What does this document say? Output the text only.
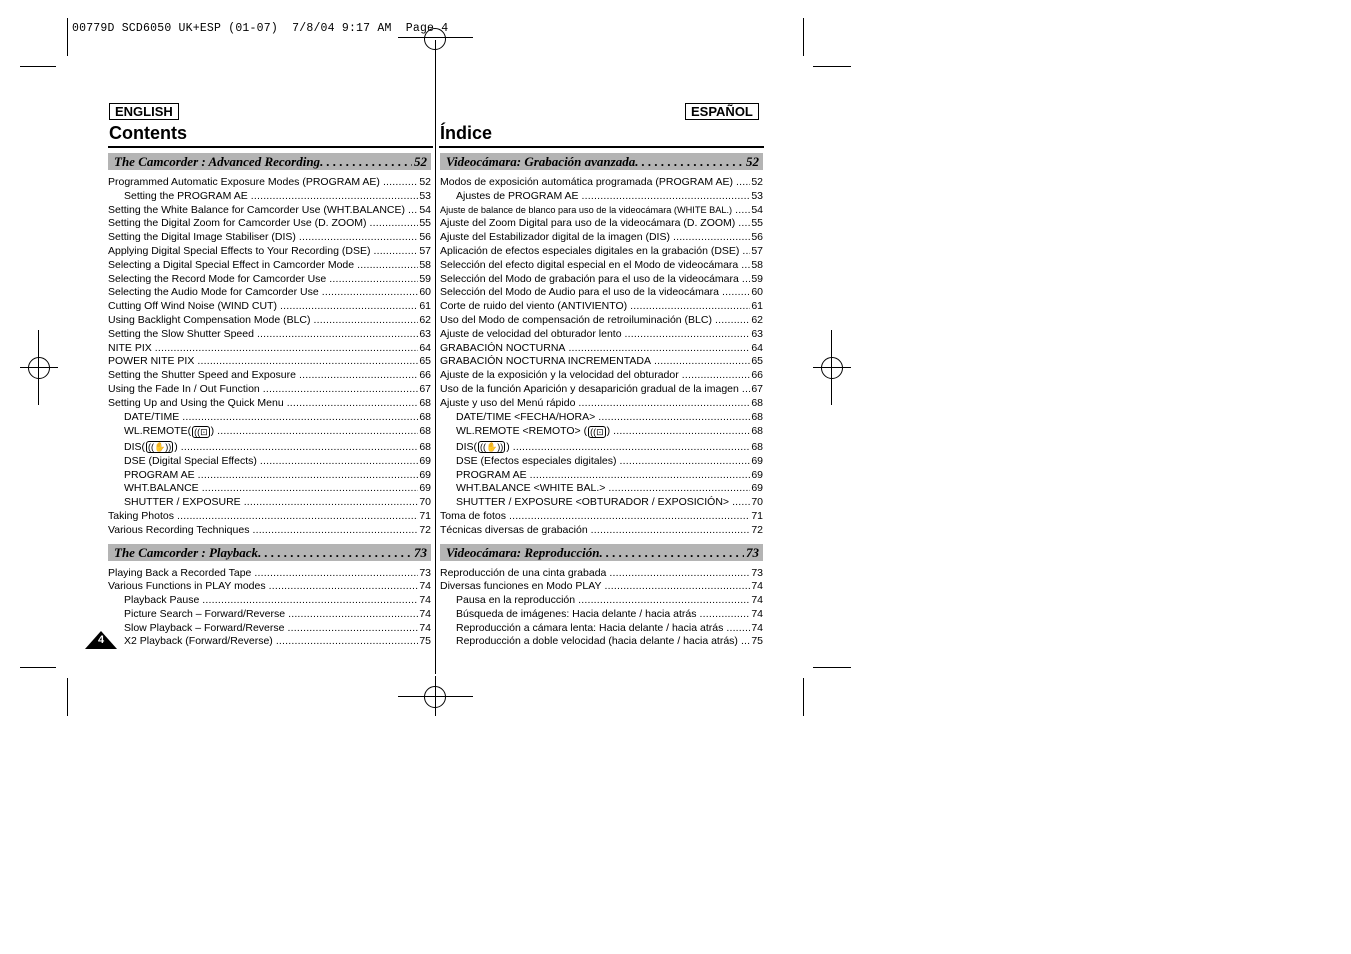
00779D SCD6050 UK+ESP (01-07)  7/8/04 9:17 AM  Page 4
ENGLISH	ESPAÑOL
Contents	Índice
The Camcorder : Advanced Recording . . .	52
Programmed Automatic Exposure Modes (PROGRAM AE) .....	52
Setting the PROGRAM AE .....	53
Setting the White Balance for Camcorder Use (WHT.BALANCE) ..... 54
Setting the Digital Zoom for Camcorder Use (D. ZOOM) .....	55
Setting the Digital Image Stabiliser (DIS) .....	56
Applying Digital Special Effects to Your Recording (DSE) .....	57
Selecting a Digital Special Effect in Camcorder Mode .....	58
Selecting the Record Mode for Camcorder Use .....	59
Selecting the Audio Mode for Camcorder Use .....	60
Cutting Off Wind Noise (WIND CUT) .....	61
Using Backlight Compensation Mode (BLC) .....	62
Setting the Slow Shutter Speed .....	63
NITE PIX .....	64
POWER NITE PIX .....	65
Setting the Shutter Speed and Exposure .....	66
Using the Fade In / Out Function .....	67
Setting Up and Using the Quick Menu .....	68
DATE/TIME .....	68
WL.REMOTE( ((⊡ ) .....	68
DIS( ((✋)) ) .....	68
DSE (Digital Special Effects) .....	69
PROGRAM AE .....	69
WHT.BALANCE .....	69
SHUTTER / EXPOSURE .....	70
Taking Photos .....	71
Various Recording Techniques .....	72
The Camcorder : Playback . . .	73
Playing Back a Recorded Tape .....	73
Various Functions in PLAY modes .....	74
Playback Pause .....	74
Picture Search – Forward/Reverse .....	74
Slow Playback – Forward/Reverse .....	74
X2 Playback (Forward/Reverse) .....	75
Videocámara: Grabación avanzada . . .	52
Modos de exposición automática programada (PROGRAM AE) ..... 52
Ajustes de PROGRAM AE .....	53
Ajuste de balance de blanco para uso de la videocámara (WHITE BAL.) ..... 54
Ajuste del Zoom Digital para uso de la videocámara (D. ZOOM) ..... 55
Ajuste del Estabilizador digital de la imagen (DIS) .....	56
Aplicación de efectos especiales digitales en la grabación (DSE) ..... 57
Selección del efecto digital especial en el Modo de videocámara ..... 58
Selección del Modo de grabación para el uso de la videocámara ..... 59
Selección del Modo de Audio para el uso de la videocámara .....	60
Corte de ruido del viento (ANTIVIENTO) .....	61
Uso del Modo de compensación de retroiluminación (BLC) .....	62
Ajuste de velocidad del obturador lento .....	63
GRABACIÓN NOCTURNA .....	64
GRABACIÓN NOCTURNA INCREMENTADA .....	65
Ajuste de la exposición y la velocidad del obturador .....	66
Uso de la función Aparición y desaparición gradual de la imagen ..... 67
Ajuste y uso del Menú rápido .....	68
DATE/TIME <FECHA/HORA> .....	68
WL.REMOTE <REMOTO> ( ((⊡ ) .....	68
DIS( ((✋)) ) .....	68
DSE (Efectos especiales digitales) .....	69
PROGRAM AE .....	69
WHT.BALANCE <WHITE BAL.> .....	69
SHUTTER / EXPOSURE <OBTURADOR / EXPOSICIÓN> ..... 70
Toma de fotos .....	71
Técnicas diversas de grabación .....	72
Videocámara: Reproducción . . .	73
Reproducción de una cinta grabada .....	73
Diversas funciones en Modo PLAY .....	74
Pausa en la reproducción .....	74
Búsqueda de imágenes: Hacia delante / hacia atrás .....	74
Reproducción a cámara lenta: Hacia delante / hacia atrás .....	74
Reproducción a doble velocidad (hacia delante / hacia atrás) ..... 75
4
